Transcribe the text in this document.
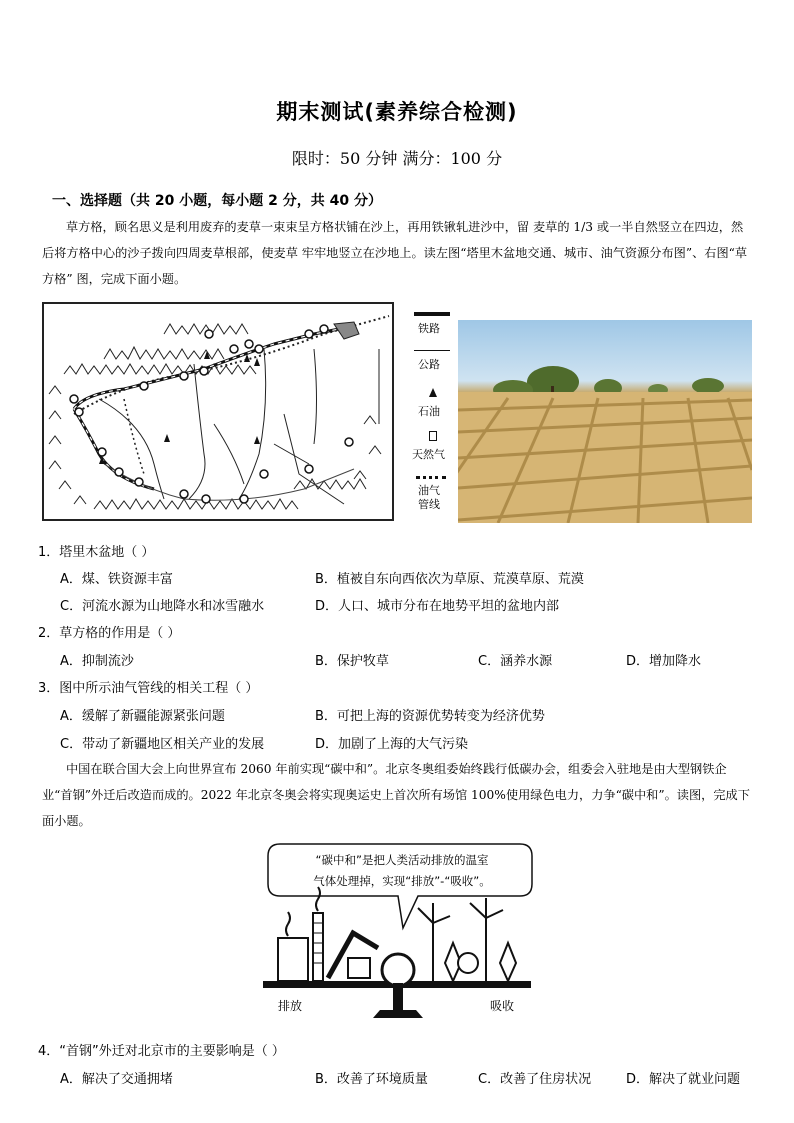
期末测试(素养综合检测)
限时：50 分钟 满分：100 分
一、选择题（共 20 小题，每小题 2 分，共 40 分）
草方格，顾名思义是利用废弃的麦草一束束呈方格状铺在沙上，再用铁锹轧进沙中，留 麦草的 1/3 或一半自然竖立在四边，然后将方格中心的沙子拨向四周麦草根部，使麦草 牢牢地竖立在沙地上。读左图“塔里木盆地交通、城市、油气资源分布图”、右图“草方格” 图，完成下面小题。
铁路
公路
石油
天然气
油气
管线
1．塔里木盆地（ ）
A．煤、铁资源丰富	B．植被自东向西依次为草原、荒漠草原、荒漠
C．河流水源为山地降水和冰雪融水	D．人口、城市分布在地势平坦的盆地内部
2．草方格的作用是（ ）
A．抑制流沙	B．保护牧草	C．涵养水源	D．增加降水
3．图中所示油气管线的相关工程（ ）
A．缓解了新疆能源紧张问题	B．可把上海的资源优势转变为经济优势
C．带动了新疆地区相关产业的发展	D．加剧了上海的大气污染
中国在联合国大会上向世界宣布 2060 年前实现“碳中和”。北京冬奥组委始终践行低碳办会，组委会入驻地是由大型钢铁企业“首钢”外迁后改造而成的。2022 年北京冬奥会将实现奥运史上首次所有场馆 100%使用绿色电力，力争“碳中和”。读图，完成下面小题。
“碳中和”是把人类活动排放的温室
气体处理掉，实现“排放”-“吸收”。
排放	吸收
4．“首钢”外迁对北京市的主要影响是（ ）
A．解决了交通拥堵	B．改善了环境质量	C．改善了住房状况	D．解决了就业问题
